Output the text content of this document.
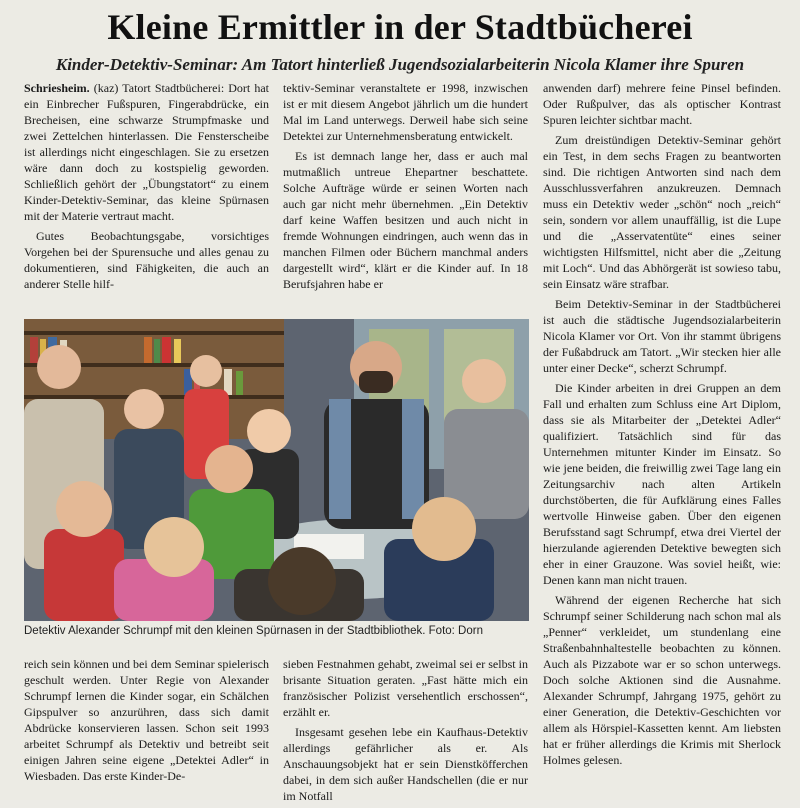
Kleine Ermittler in der Stadtbücherei
Kinder-Detektiv-Seminar: Am Tatort hinterließ Jugendsozialarbeiterin Nicola Klamer ihre Spuren

Schriesheim. (kaz) Tatort Stadtbücherei: Dort hat ein Einbrecher Fußspuren, Fingerabdrücke, ein Brecheisen, eine schwarze Strumpfmaske und zwei Zettelchen hinterlassen. Die Fensterscheibe ist allerdings nicht eingeschlagen. Sie zu ersetzen wäre dann doch zu kostspielig geworden. Schließlich gehört der „Übungstatort“ zu einem Kinder-Detektiv-Seminar, das kleine Spürnasen mit der Materie vertraut macht.

Gutes Beobachtungsgabe, vorsichtiges Vorgehen bei der Spurensuche und alles genau zu dokumentieren, sind Fähigkeiten, die auch an anderer Stelle hilf-

tektiv-Seminar veranstaltete er 1998, inzwischen ist er mit diesem Angebot jährlich um die hundert Mal im Land unterwegs. Derweil habe sich seine Detektei zur Unternehmensberatung entwickelt.

Es ist demnach lange her, dass er auch mal mutmaßlich untreue Ehepartner beschattete. Solche Aufträge würde er seinen Worten nach auch gar nicht mehr übernehmen. „Ein Detektiv darf keine Waffen besitzen und auch nicht in fremde Wohnungen eindringen, auch wenn das in manchen Filmen oder Büchern manchmal anders dargestellt wird“, klärt er die Kinder auf. In 18 Berufsjahren habe er

anwenden darf) mehrere feine Pinsel befinden. Oder Rußpulver, das als optischer Kontrast Spuren leichter sichtbar macht.

Zum dreistündigen Detektiv-Seminar gehört ein Test, in dem sechs Fragen zu beantworten sind. Die richtigen Antworten sind nach dem Ausschlussverfahren anzukreuzen. Demnach muss ein Detektiv weder „schön“ noch „reich“ sein, sondern vor allem unauffällig, ist die Lupe und die „Asservatentüte“ eines seiner wichtigsten Hilfsmittel, nicht aber die „Zeitung mit Loch“. Und das Abhörgerät ist sowieso tabu, sein Einsatz wäre strafbar.

Beim Detektiv-Seminar in der Stadtbücherei ist auch die städtische Jugendsozialarbeiterin Nicola Klamer vor Ort. Von ihr stammt übrigens der Fußabdruck am Tatort. „Wir stecken hier alle unter einer Decke“, scherzt Schrumpf.

Die Kinder arbeiten in drei Gruppen an dem Fall und erhalten zum Schluss eine Art Diplom, dass sie als Mitarbeiter der „Detektei Adler“ qualifiziert. Tatsächlich sind für das Unternehmen mitunter Kinder im Einsatz. So wie jene beiden, die freiwillig zwei Tage lang ein Zeitungsarchiv nach alten Artikeln durchstöberten, die für Aufklärung eines Falles wertvolle Hinweise gaben. Über den eigenen Berufsstand sagt Schrumpf, etwa drei Viertel der hierzulande agierenden Detektive bewegten sich eher in einer Grauzone. Was soviel heißt, wie: Denen kann man nicht trauen.

Während der eigenen Recherche hat sich Schrumpf seiner Schilderung nach schon mal als „Penner“ verkleidet, um stundenlang eine Straßenbahnhaltestelle beobachten zu können. Auch als Pizzabote war er so schon unterwegs. Doch solche Aktionen sind die Ausnahme. Alexander Schrumpf, Jahrgang 1975, gehört zu einer Generation, die Detektiv-Geschichten vor allem als Hörspiel-Kassetten kennt. Am liebsten hat er früher allerdings die Krimis mit Sherlock Holmes gelesen.

Detektiv Alexander Schrumpf mit den kleinen Spürnasen in der Stadtbibliothek. Foto: Dorn

reich sein können und bei dem Seminar spielerisch geschult werden. Unter Regie von Alexander Schrumpf lernen die Kinder sogar, ein Schälchen Gipspulver so anzurühren, dass sich damit Abdrücke konservieren lassen. Schon seit 1993 arbeitet Schrumpf als Detektiv und betreibt seit einigen Jahren seine eigene „Detektei Adler“ in Wiesbaden. Das erste Kinder-De-

sieben Festnahmen gehabt, zweimal sei er selbst in brisante Situation geraten. „Fast hätte mich ein französischer Polizist versehentlich erschossen“, erzählt er.

Insgesamt gesehen lebe ein Kaufhaus-Detektiv allerdings gefährlicher als er. Als Anschauungsobjekt hat er sein Dienstköfferchen dabei, in dem sich außer Handschellen (die er nur im Notfall
